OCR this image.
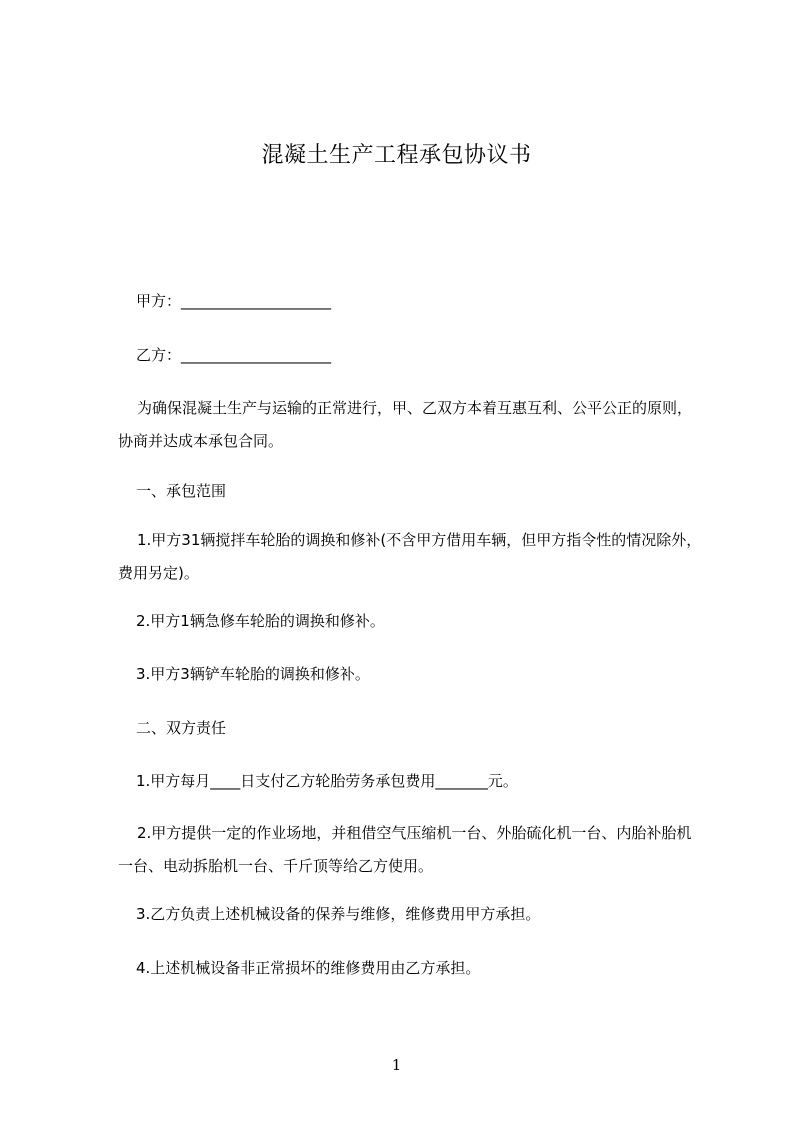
混凝土生产工程承包协议书
甲方：____________________
乙方：____________________
为确保混凝土生产与运输的正常进行，甲、乙双方本着互惠互利、公平公正的原则，协商并达成本承包合同。
一、承包范围
1.甲方31辆搅拌车轮胎的调换和修补(不含甲方借用车辆，但甲方指令性的情况除外，费用另定)。
2.甲方1辆急修车轮胎的调换和修补。
3.甲方3辆铲车轮胎的调换和修补。
二、双方责任
1.甲方每月____日支付乙方轮胎劳务承包费用_______元。
2.甲方提供一定的作业场地，并租借空气压缩机一台、外胎硫化机一台、内胎补胎机一台、电动拆胎机一台、千斤顶等给乙方使用。
3.乙方负责上述机械设备的保养与维修，维修费用甲方承担。
4.上述机械设备非正常损坏的维修费用由乙方承担。
1
